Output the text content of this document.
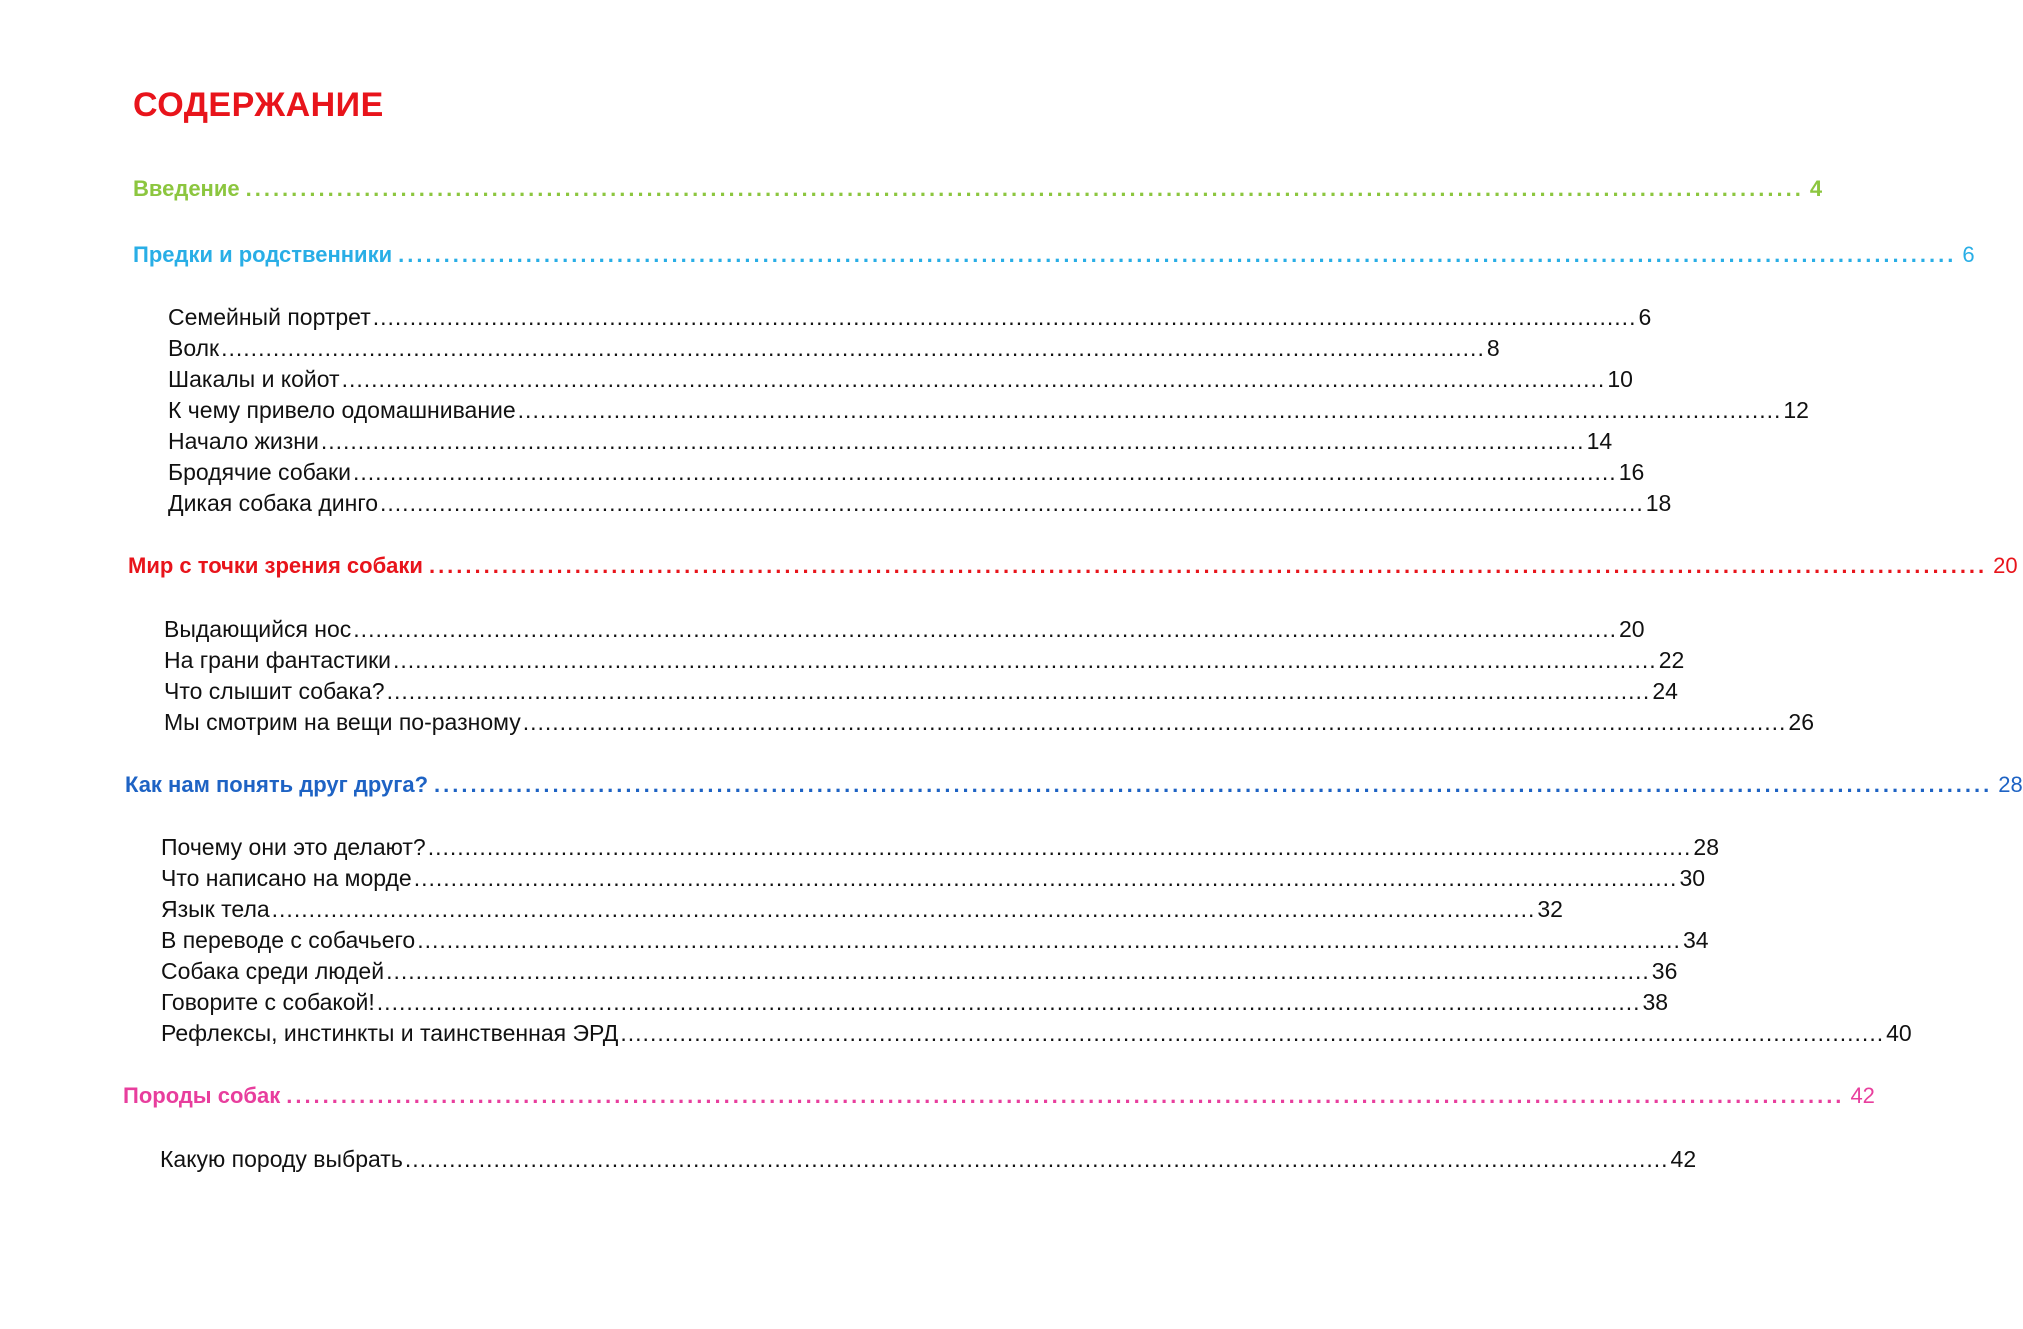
СОДЕРЖАНИЕ
Введение ........................................................................................................................................................................... 4
Предки и родственники ........................................................................................................................................................................... 6
Семейный портрет ........................................................................................................................................................................... 6
Волк ........................................................................................................................................................................... 8
Шакалы и койот ........................................................................................................................................................................... 10
К чему привело одомашнивание ........................................................................................................................................................................... 12
Начало жизни ........................................................................................................................................................................... 14
Бродячие собаки ........................................................................................................................................................................... 16
Дикая собака динго ........................................................................................................................................................................... 18
Мир с точки зрения собаки ........................................................................................................................................................................... 20
Выдающийся нос ........................................................................................................................................................................... 20
На грани фантастики ........................................................................................................................................................................... 22
Что слышит собака? ........................................................................................................................................................................... 24
Мы смотрим на вещи по-разному ........................................................................................................................................................................... 26
Как нам понять друг друга? ........................................................................................................................................................................... 28
Почему они это делают? ........................................................................................................................................................................... 28
Что написано на морде ........................................................................................................................................................................... 30
Язык тела ........................................................................................................................................................................... 32
В переводе с собачьего ........................................................................................................................................................................... 34
Собака среди людей ........................................................................................................................................................................... 36
Говорите с собакой! ........................................................................................................................................................................... 38
Рефлексы, инстинкты и таинственная ЭРД ........................................................................................................................................................................... 40
Породы собак ........................................................................................................................................................................... 42
Какую породу выбрать ........................................................................................................................................................................... 42
